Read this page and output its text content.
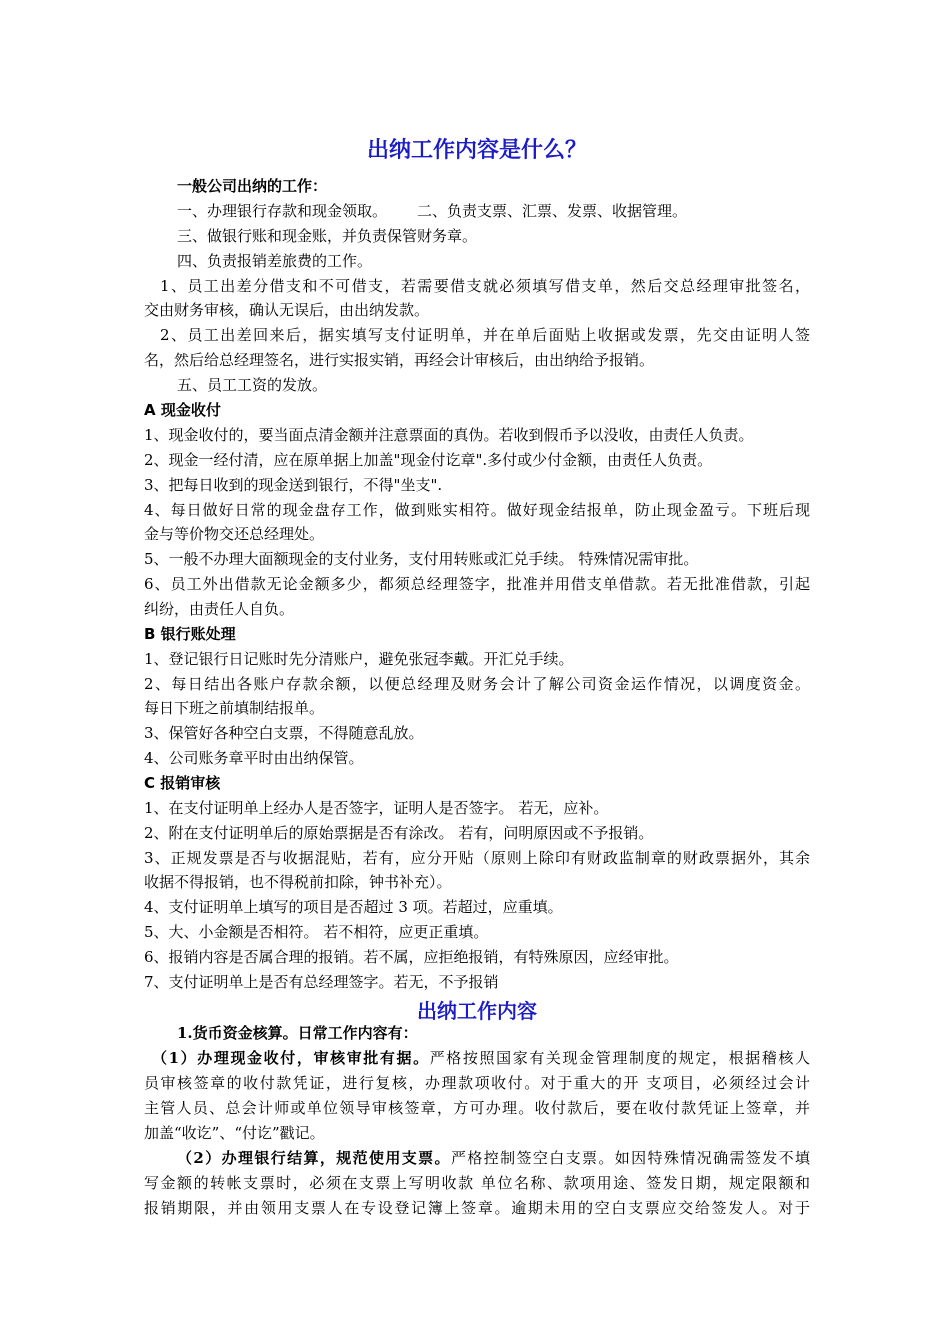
出纳工作内容是什么？
一般公司出纳的工作：
一、办理银行存款和现金领取。 二、负责支票、汇票、发票、收据管理。
三、做银行账和现金账，并负责保管财务章。
四、负责报销差旅费的工作。
1、员工出差分借支和不可借支，若需要借支就必须填写借支单，然后交总经理审批签名，
交由财务审核，确认无误后，由出纳发款。
2、员工出差回来后，据实填写支付证明单，并在单后面贴上收据或发票，先交由证明人签
名，然后给总经理签名，进行实报实销，再经会计审核后，由出纳给予报销。
五、员工工资的发放。
A 现金收付
1、现金收付的，要当面点清金额并注意票面的真伪。若收到假币予以没收，由责任人负责。
2、现金一经付清，应在原单据上加盖"现金付讫章".多付或少付金额，由责任人负责。
3、把每日收到的现金送到银行，不得"坐支".
4、每日做好日常的现金盘存工作，做到账实相符。做好现金结报单，防止现金盈亏。下班后现
金与等价物交还总经理处。
5、一般不办理大面额现金的支付业务，支付用转账或汇兑手续。 特殊情况需审批。
6、员工外出借款无论金额多少，都须总经理签字，批准并用借支单借款。若无批准借款，引起
纠纷，由责任人自负。
B 银行账处理
1、登记银行日记账时先分清账户，避免张冠李戴。开汇兑手续。
2、每日结出各账户存款余额，以便总经理及财务会计了解公司资金运作情况，以调度资金。
每日下班之前填制结报单。
3、保管好各种空白支票，不得随意乱放。
4、公司账务章平时由出纳保管。
C 报销审核
1、在支付证明单上经办人是否签字，证明人是否签字。 若无，应补。
2、附在支付证明单后的原始票据是否有涂改。 若有，问明原因或不予报销。
3、正规发票是否与收据混贴，若有，应分开贴（原则上除印有财政监制章的财政票据外，其余
收据不得报销，也不得税前扣除，钟书补充）。
4、支付证明单上填写的项目是否超过 3 项。若超过，应重填。
5、大、小金额是否相符。 若不相符，应更正重填。
6、报销内容是否属合理的报销。若不属，应拒绝报销，有特殊原因，应经审批。
7、支付证明单上是否有总经理签字。若无，不予报销
出纳工作内容
1.货币资金核算。日常工作内容有：
（1）办理现金收付，审核审批有据。严格按照国家有关现金管理制度的规定，根据稽核人
员审核签章的收付款凭证，进行复核，办理款项收付。对于重大的开 支项目，必须经过会计
主管人员、总会计师或单位领导审核签章，方可办理。收付款后，要在收付款凭证上签章，并
加盖“收讫”、“付讫”戳记。
（2）办理银行结算，规范使用支票。严格控制签空白支票。如因特殊情况确需签发不填
写金额的转帐支票时，必须在支票上写明收款 单位名称、款项用途、签发日期，规定限额和
报销期限，并由领用支票人在专设登记簿上签章。逾期未用的空白支票应交给签发人。对于
